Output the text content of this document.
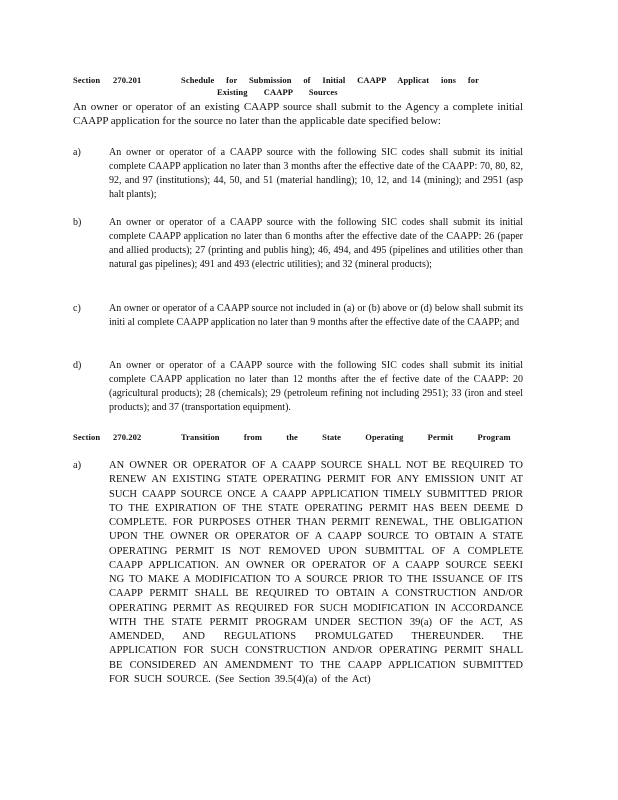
Section 270.201	Schedule for Submission of Initial CAAPP Applicat ions for
Existing CAAPP Sources
An owner or operator of an existing CAAPP source shall submit to the Agency a complete initial CAAPP application for the source no later than the applicable date specified below:
a)	An owner or operator of a CAAPP source with the following SIC codes shall submit its initial complete CAAPP application no later than 3 months after the effective date of the CAAPP: 70, 80, 82, 92, and 97 (institutions); 44, 50, and 51 (material handling); 10, 12, and 14 (mining); and 2951 (asp halt plants);
b)	An owner or operator of a CAAPP source with the following SIC codes shall submit its initial complete CAAPP application no later than 6 months after the effective date of the CAAPP: 26 (paper and allied products); 27 (printing and publis hing); 46, 494, and 495 (pipelines and utilities other than natural gas pipelines); 491 and 493 (electric utilities); and 32 (mineral products);
c)	An owner or operator of a CAAPP source not included in (a) or (b) above or (d) below shall submit its initi al complete CAAPP application no later than 9 months after the effective date of the CAAPP; and
d)	An owner or operator of a CAAPP source with the following SIC codes shall submit its initial complete CAAPP application no later than 12 months after the ef fective date of the CAAPP: 20 (agricultural products); 28 (chemicals); 29 (petroleum refining not including 2951); 33 (iron and steel products); and 37 (transportation equipment).
Section 270.202	Transition from the State Operating Permit Program
a)	AN OWNER OR OPERATOR OF A CAAPP SOURCE SHALL NOT BE REQUIRED TO RENEW AN EXISTING STATE OPERATING PERMIT FOR ANY EMISSION UNIT AT SUCH CAAPP SOURCE ONCE A CAAPP APPLICATION TIMELY SUBMITTED PRIOR TO THE EXPIRATION OF THE STATE OPERATING PERMIT HAS BEEN DEEME D COMPLETE. FOR PURPOSES OTHER THAN PERMIT RENEWAL, THE OBLIGATION UPON THE OWNER OR OPERATOR OF A CAAPP SOURCE TO OBTAIN A STATE OPERATING PERMIT IS NOT REMOVED UPON SUBMITTAL OF A COMPLETE CAAPP APPLICATION. AN OWNER OR OPERATOR OF A CAAPP SOURCE SEEKI NG TO MAKE A MODIFICATION TO A SOURCE PRIOR TO THE ISSUANCE OF ITS CAAPP PERMIT SHALL BE REQUIRED TO OBTAIN A CONSTRUCTION AND/OR OPERATING PERMIT AS REQUIRED FOR SUCH MODIFICATION IN ACCORDANCE WITH THE STATE PERMIT PROGRAM UNDER SECTION 39(a) OF the ACT, AS AMENDED, AND REGULATIONS PROMULGATED THEREUNDER. THE APPLICATION FOR SUCH CONSTRUCTION AND/OR OPERATING PERMIT SHALL BE CONSIDERED AN AMENDMENT TO THE CAAPP APPLICATION SUBMITTED FOR SUCH SOURCE. (See Section 39.5(4)(a) of the Act)
